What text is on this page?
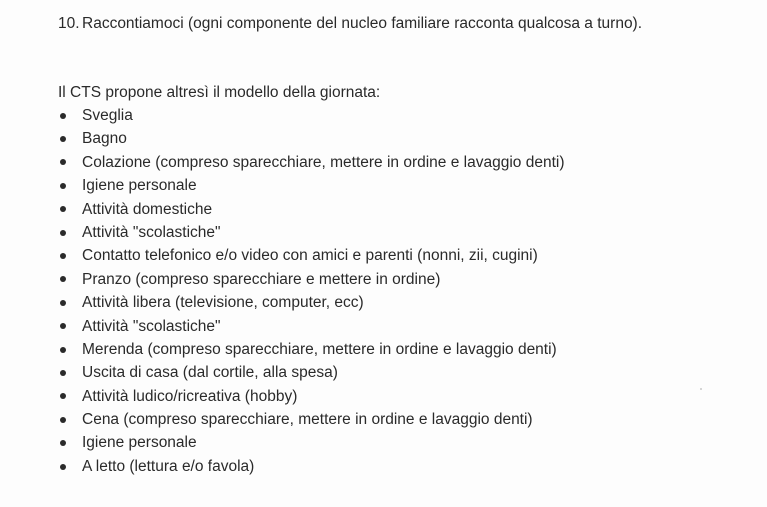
10. Raccontiamoci (ogni componente del nucleo familiare racconta qualcosa a turno).
Il CTS propone altresì il modello della giornata:
Sveglia
Bagno
Colazione (compreso sparecchiare, mettere in ordine e lavaggio denti)
Igiene personale
Attività domestiche
Attività "scolastiche"
Contatto telefonico e/o video con amici e parenti (nonni, zii, cugini)
Pranzo (compreso sparecchiare e mettere in ordine)
Attività libera (televisione, computer, ecc)
Attività "scolastiche"
Merenda (compreso sparecchiare, mettere in ordine e lavaggio denti)
Uscita di casa (dal cortile, alla spesa)
Attività ludico/ricreativa (hobby)
Cena (compreso sparecchiare, mettere in ordine e lavaggio denti)
Igiene personale
A letto (lettura e/o favola)
